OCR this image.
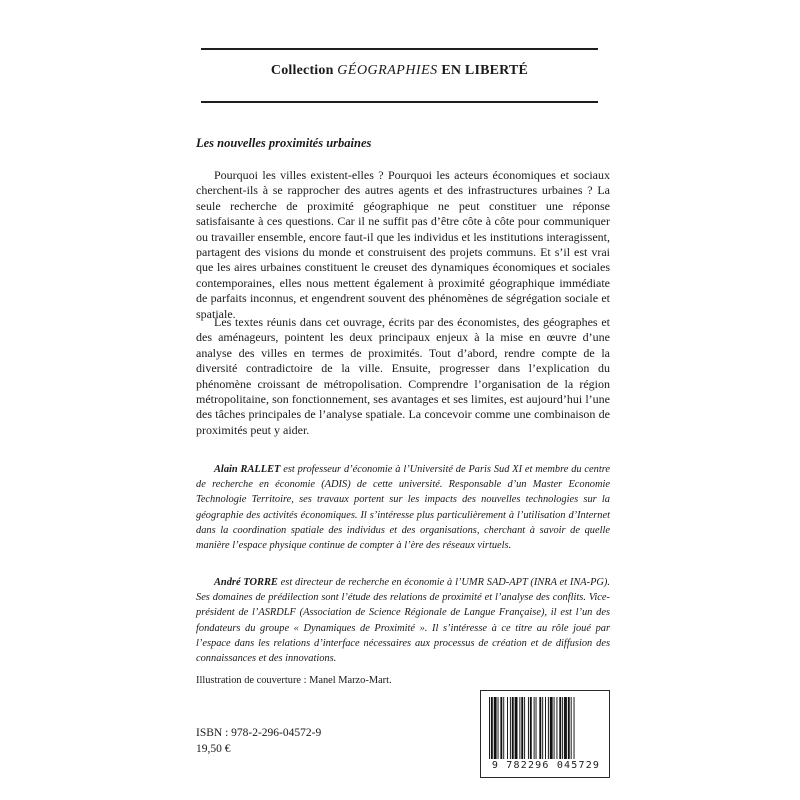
Collection GÉOGRAPHIES EN LIBERTÉ
Les nouvelles proximités urbaines

Pourquoi les villes existent-elles ? Pourquoi les acteurs économiques et sociaux cherchent-ils à se rapprocher des autres agents et des infrastructures urbaines ? La seule recherche de proximité géographique ne peut constituer une réponse satisfaisante à ces questions. Car il ne suffit pas d’être côte à côte pour communiquer ou travailler ensemble, encore faut-il que les individus et les institutions interagissent, partagent des visions du monde et construisent des projets communs. Et s’il est vrai que les aires urbaines constituent le creuset des dynamiques économiques et sociales contemporaines, elles nous mettent également à proximité géographique immédiate de parfaits inconnus, et engendrent souvent des phénomènes de ségrégation sociale et spatiale.

Les textes réunis dans cet ouvrage, écrits par des économistes, des géographes et des aménageurs, pointent les deux principaux enjeux à la mise en œuvre d’une analyse des villes en termes de proximités. Tout d’abord, rendre compte de la diversité contradictoire de la ville. Ensuite, progresser dans l’explication du phénomène croissant de métropolisation. Comprendre l’organisation de la région métropolitaine, son fonctionnement, ses avantages et ses limites, est aujourd’hui l’une des tâches principales de l’analyse spatiale. La concevoir comme une combinaison de proximités peut y aider.

Alain RALLET est professeur d’économie à l’Université de Paris Sud XI et membre du centre de recherche en économie (ADIS) de cette université. Responsable d’un Master Economie Technologie Territoire, ses travaux portent sur les impacts des nouvelles technologies sur la géographie des activités économiques. Il s’intéresse plus particulièrement à l’utilisation d’Internet dans la coordination spatiale des individus et des organisations, cherchant à savoir de quelle manière l’espace physique continue de compter à l’ère des réseaux virtuels.

André TORRE est directeur de recherche en économie à l’UMR SAD-APT (INRA et INA-PG). Ses domaines de prédilection sont l’étude des relations de proximité et l’analyse des conflits. Vice-président de l’ASRDLF (Association de Science Régionale de Langue Française), il est l’un des fondateurs du groupe « Dynamiques de Proximité ». Il s’intéresse à ce titre au rôle joué par l’espace dans les relations d’interface nécessaires aux processus de création et de diffusion des connaissances et des innovations.

Illustration de couverture : Manel Marzo-Mart.
ISBN : 978-2-296-04572-9
19,50 €
9 782296 045729
